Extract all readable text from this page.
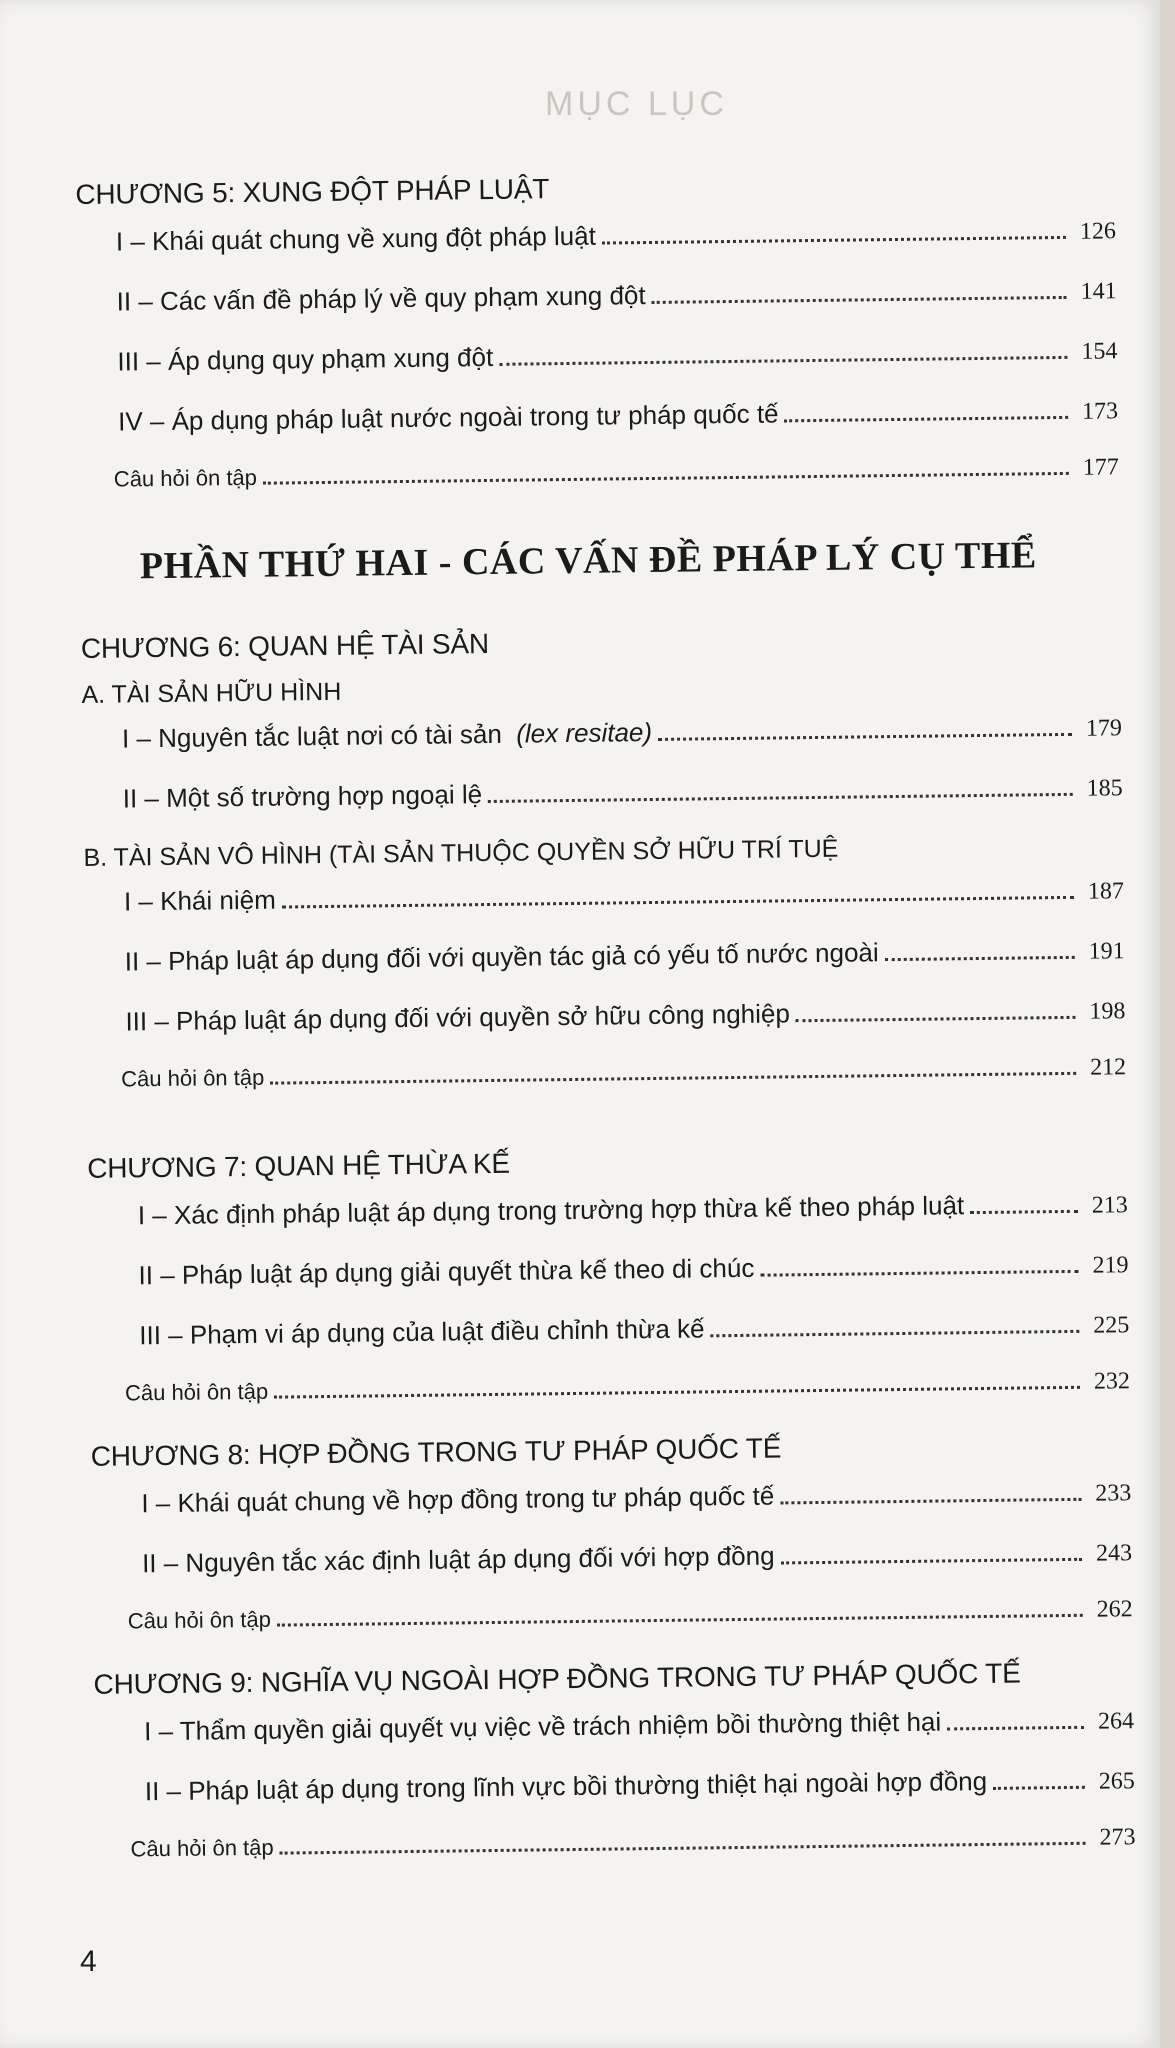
MỤC LỤC
CHƯƠNG 5: XUNG ĐỘT PHÁP LUẬT
I – Khái quát chung về xung đột pháp luật	126
II – Các vấn đề pháp lý về quy phạm xung đột	141
III – Áp dụng quy phạm xung đột	154
IV – Áp dụng pháp luật nước ngoài trong tư pháp quốc tế	173
Câu hỏi ôn tập	177
PHẦN THỨ HAI - CÁC VẤN ĐỀ PHÁP LÝ CỤ THỂ
CHƯƠNG 6: QUAN HỆ TÀI SẢN
A. TÀI SẢN HỮU HÌNH
I – Nguyên tắc luật nơi có tài sản (lex resitae)	179
II – Một số trường hợp ngoại lệ	185
B. TÀI SẢN VÔ HÌNH (TÀI SẢN THUỘC QUYỀN SỞ HỮU TRÍ TUỆ
I – Khái niệm	187
II – Pháp luật áp dụng đối với quyền tác giả có yếu tố nước ngoài	191
III – Pháp luật áp dụng đối với quyền sở hữu công nghiệp	198
Câu hỏi ôn tập	212
CHƯƠNG 7: QUAN HỆ THỪA KẾ
I – Xác định pháp luật áp dụng trong trường hợp thừa kế theo pháp luật	213
II – Pháp luật áp dụng giải quyết thừa kế theo di chúc	219
III – Phạm vi áp dụng của luật điều chỉnh thừa kế	225
Câu hỏi ôn tập	232
CHƯƠNG 8: HỢP ĐỒNG TRONG TƯ PHÁP QUỐC TẾ
I – Khái quát chung về hợp đồng trong tư pháp quốc tế	233
II – Nguyên tắc xác định luật áp dụng đối với hợp đồng	243
Câu hỏi ôn tập	262
CHƯƠNG 9: NGHĨA VỤ NGOÀI HỢP ĐỒNG TRONG TƯ PHÁP QUỐC TẾ
I – Thẩm quyền giải quyết vụ việc về trách nhiệm bồi thường thiệt hại	264
II – Pháp luật áp dụng trong lĩnh vực bồi thường thiệt hại ngoài hợp đồng	265
Câu hỏi ôn tập	273
4
